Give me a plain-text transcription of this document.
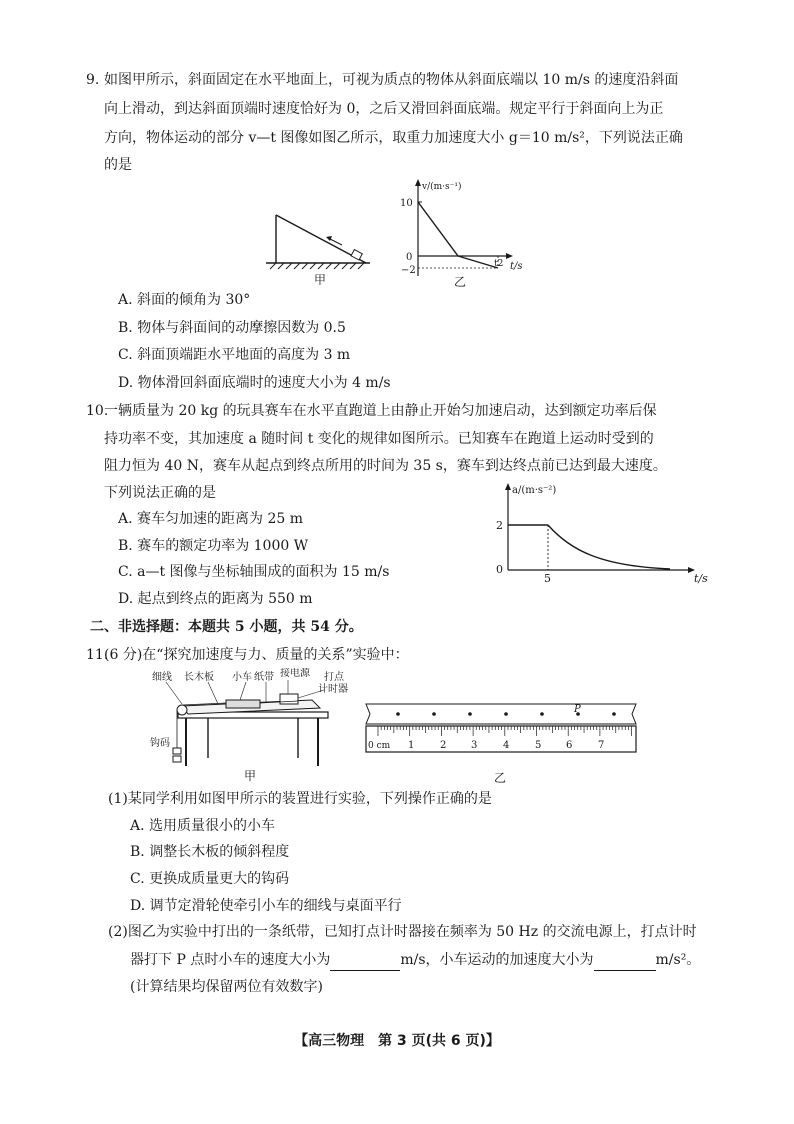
9. 如图甲所示，斜面固定在水平地面上，可视为质点的物体从斜面底端以 10 m/s 的速度沿斜面
向上滑动，到达斜面顶端时速度恰好为 0，之后又滑回斜面底端。规定平行于斜面向上为正
方向，物体运动的部分 v—t 图像如图乙所示，取重力加速度大小 g＝10 m/s²，下列说法正确
的是
甲
v/(m·s⁻¹)
10
0
−2
t2 t/s
乙
A. 斜面的倾角为 30°
B. 物体与斜面间的动摩擦因数为 0.5
C. 斜面顶端距水平地面的高度为 3 m
D. 物体滑回斜面底端时的速度大小为 4 m/s
10.
一辆质量为 20 kg 的玩具赛车在水平直跑道上由静止开始匀加速启动，达到额定功率后保
持功率不变，其加速度 a 随时间 t 变化的规律如图所示。已知赛车在跑道上运动时受到的
阻力恒为 40 N，赛车从起点到终点所用的时间为 35 s，赛车到达终点前已达到最大速度。
下列说法正确的是
A. 赛车匀加速的距离为 25 m
B. 赛车的额定功率为 1000 W
C. a—t 图像与坐标轴围成的面积为 15 m/s
D. 起点到终点的距离为 550 m
a/(m·s⁻²)
2
0
5	t/s
二、非选择题：本题共 5 小题，共 54 分。
11.
(6 分)在“探究加速度与力、质量的关系”实验中：
细线 长木板 小车 纸带 接电源 打点
计时器
钩码
甲
P
0 cm 1	2 3	4	5 6	7
乙
(1)某同学利用如图甲所示的装置进行实验，下列操作正确的是
A. 选用质量很小的小车
B. 调整长木板的倾斜程度
C. 更换成质量更大的钩码
D. 调节定滑轮使牵引小车的细线与桌面平行
(2)图乙为实验中打出的一条纸带，已知打点计时器接在频率为 50 Hz 的交流电源上，打点计时
器打下 P 点时小车的速度大小为	m/s，小车运动的加速度大小为	m/s²。
(计算结果均保留两位有效数字)
【高三物理　第 3 页(共 6 页)】
